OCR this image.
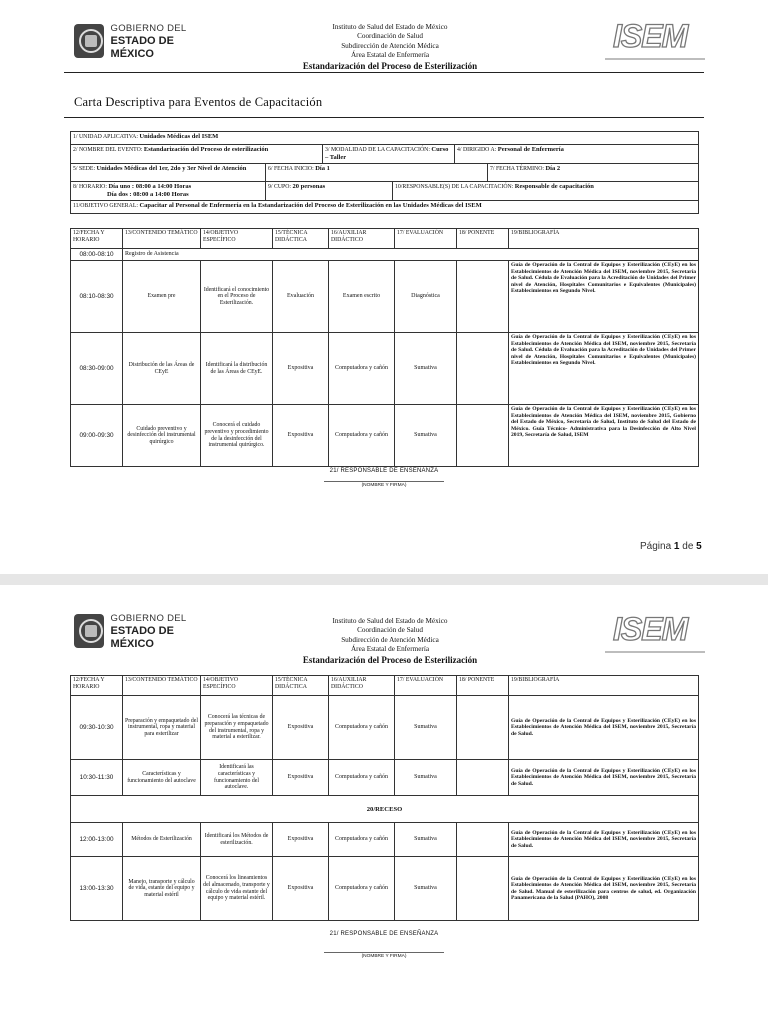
GOBIERNO DEL
ESTADO DE MÉXICO
Instituto de Salud del Estado de México
Coordinación de Salud
Subdirección de Atención Médica
Área Estatal de Enfermería
Estandarización del Proceso de Esterilización
ISEM
Carta Descriptiva para Eventos de Capacitación
1/ UNIDAD APLICATIVA: Unidades Médicas del ISEM					
2/ NOMBRE DEL EVENTO: Estandarización del Proceso de esterilización		3/ MODALIDAD DE LA CAPACITACIÓN: Curso – Taller		4/ DIRIGIDO A: Personal de Enfermería	
5/ SEDE: Unidades Médicas del 1er, 2do y 3er Nivel de Atención	6/ FECHA INICIO: Día 1				7/ FECHA TÉRMINO: Día 2
8/ HORARIO: Día uno : 08:00 a 14:00 Horas
Día dos : 08:00 a 14:00 Horas	9/ CUPO: 20 personas		10/RESPONSABLE(S) DE LA CAPACITACIÓN: Responsable de capacitación		
11/OBJETIVO GENERAL: Capacitar al Personal de Enfermería en la Estandarización del Proceso de Esterilización en las Unidades Médicas del ISEM					
12/FECHA Y HORARIO	13/CONTENIDO TEMÁTICO	14/OBJETIVO ESPECÍFICO	15/TÉCNICA DIDÁCTICA	16/AUXILIAR DIDÁCTICO	17/ EVALUACIÓN	18/ PONENTE	19/BIBLIOGRAFÍA
08:00-08:10	Registro de Asistencia						
08:10-08:30	Examen pre	Identificará el conocimiento en el Proceso de Esterilización.	Evaluación	Examen escrito	Diagnóstica		Guía de Operación de la Central de Equipos y Esterilización (CEyE) en los Establecimientos de Atención Médica del ISEM, noviembre 2015, Secretaría de Salud. Cédula de Evaluación para la Acreditación de Unidades del Primer nivel de Atención, Hospitales Comunitarios e Equivalentes (Municipales) Establecimientos en Segundo Nivel.
08:30-09:00	Distribución de las Áreas de CEyE	Identificará la distribución de las Áreas de CEyE.	Expositiva	Computadora y cañón	Sumativa		Guía de Operación de la Central de Equipos y Esterilización (CEyE) en los Establecimientos de Atención Médica del ISEM, noviembre 2015, Secretaría de Salud. Cédula de Evaluación para la Acreditación de Unidades del Primer nivel de Atención, Hospitales Comunitarios e Equivalentes (Municipales) Establecimientos en Segundo Nivel.
09:00-09:30	Cuidado preventivo y desinfección del instrumental quirúrgico	Conocerá el cuidado preventivo y procedimiento de la desinfección del instrumental quirúrgico.	Expositiva	Computadora y cañón	Sumativa		Guía de Operación de la Central de Equipos y Esterilización (CEyE) en los Establecimientos de Atención Médica del ISEM, noviembre 2015, Gobierno del Estado de México, Secretaría de Salud, Instituto de Salud del Estado de México. Guía Técnico- Administrativa para la Desinfección de Alto Nivel 2019, Secretaría de Salud, ISEM
21/ RESPONSABLE DE ENSEÑANZA
(NOMBRE Y FIRMA)
Página 1 de 5
GOBIERNO DEL
ESTADO DE MÉXICO
Instituto de Salud del Estado de México
Coordinación de Salud
Subdirección de Atención Médica
Área Estatal de Enfermería
Estandarización del Proceso de Esterilización
ISEM
12/FECHA Y HORARIO	13/CONTENIDO TEMÁTICO	14/OBJETIVO ESPECÍFICO	15/TÉCNICA DIDÁCTICA	16/AUXILIAR DIDÁCTICO	17/ EVALUACIÓN	18/ PONENTE	19/BIBLIOGRAFÍA
09:30-10:30	Preparación y empaquetado del instrumental, ropa y material para esterilizar	Conocerá las técnicas de preparación y empaquetado del instrumental, ropa y material a esterilizar.	Expositiva	Computadora y cañón	Sumativa		Guía de Operación de la Central de Equipos y Esterilización (CEyE) en los Establecimientos de Atención Médica del ISEM, noviembre 2015, Secretaría de Salud.
10:30-11:30	Características y funcionamiento del autoclave	Identificará las características y funcionamiento del autoclave.	Expositiva	Computadora y cañón	Sumativa		Guía de Operación de la Central de Equipos y Esterilización (CEyE) en los Establecimientos de Atención Médica del ISEM, noviembre 2015, Secretaría de Salud.
20/RECESO							
12:00-13:00	Métodos de Esterilización	Identificará los Métodos de esterilización.	Expositiva	Computadora y cañón	Sumativa		Guía de Operación de la Central de Equipos y Esterilización (CEyE) en los Establecimientos de Atención Médica del ISEM, noviembre 2015, Secretaría de Salud.
13:00-13:30	Manejo, transporte y cálculo de vida, estante del equipo y material estéril	Conocerá los lineamientos del almacenado, transporte y cálculo de vida estante del equipo y material estéril.	Expositiva	Computadora y cañón	Sumativa		Guía de Operación de la Central de Equipos y Esterilización (CEyE) en los Establecimientos de Atención Médica del ISEM, noviembre 2015, Secretaría de Salud. Manual de esterilización para centros de salud, ed. Organización Panamericana de la Salud (PAHO), 2008
21/ RESPONSABLE DE ENSEÑANZA
(NOMBRE Y FIRMA)
